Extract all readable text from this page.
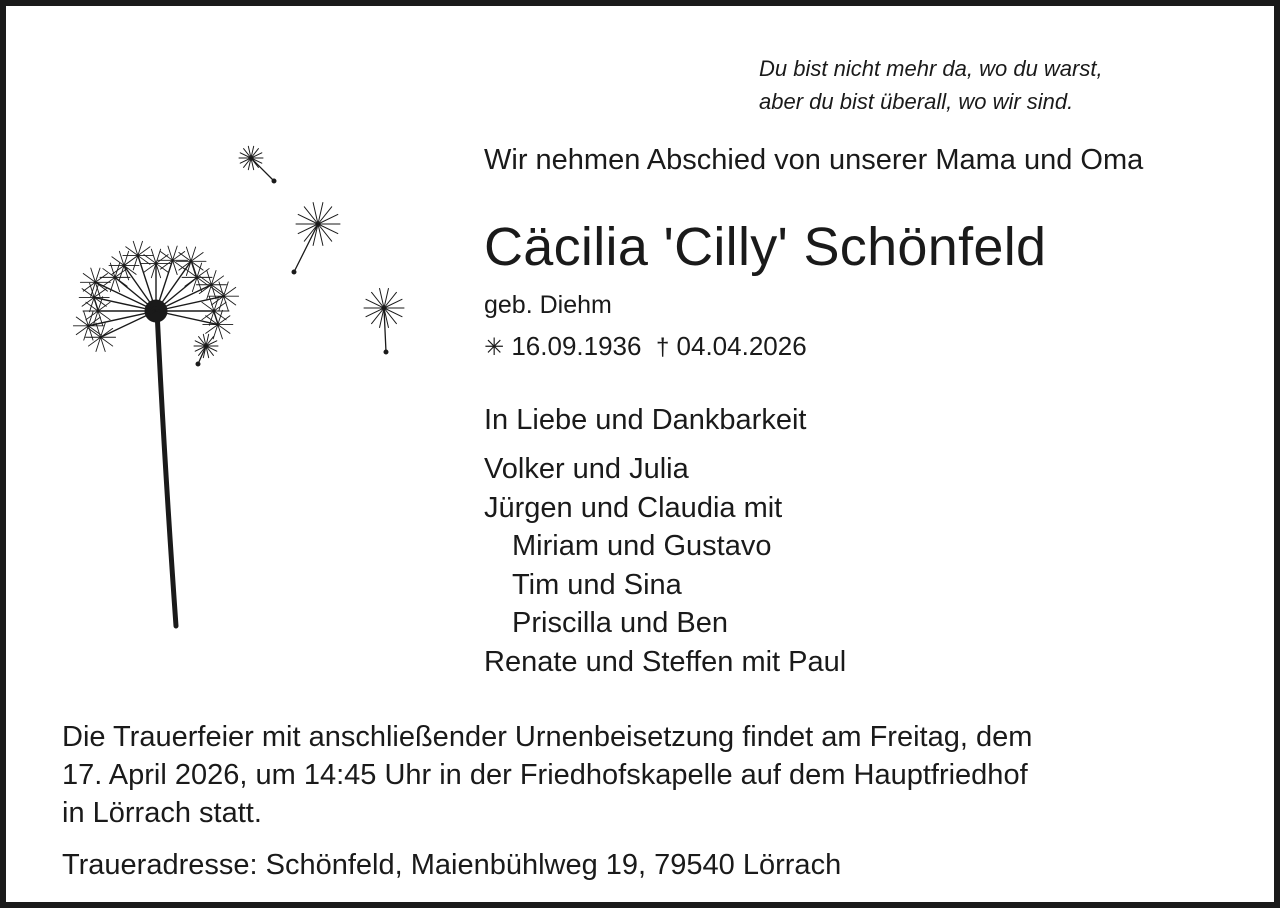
Du bist nicht mehr da, wo du warst,
aber du bist überall, wo wir sind.

Wir nehmen Abschied von unserer Mama und Oma

Cäcilia 'Cilly' Schönfeld

geb. Diehm

✳ 16.09.1936 † 04.04.2026

In Liebe und Dankbarkeit

Volker und Julia
Jürgen und Claudia mit
Miriam und Gustavo
Tim und Sina
Priscilla und Ben
Renate und Steffen mit Paul

Die Trauerfeier mit anschließender Urnenbeisetzung findet am Freitag, dem
17. April 2026, um 14:45 Uhr in der Friedhofskapelle auf dem Hauptfriedhof
in Lörrach statt.

Traueradresse: Schönfeld, Maienbühlweg 19, 79540 Lörrach
